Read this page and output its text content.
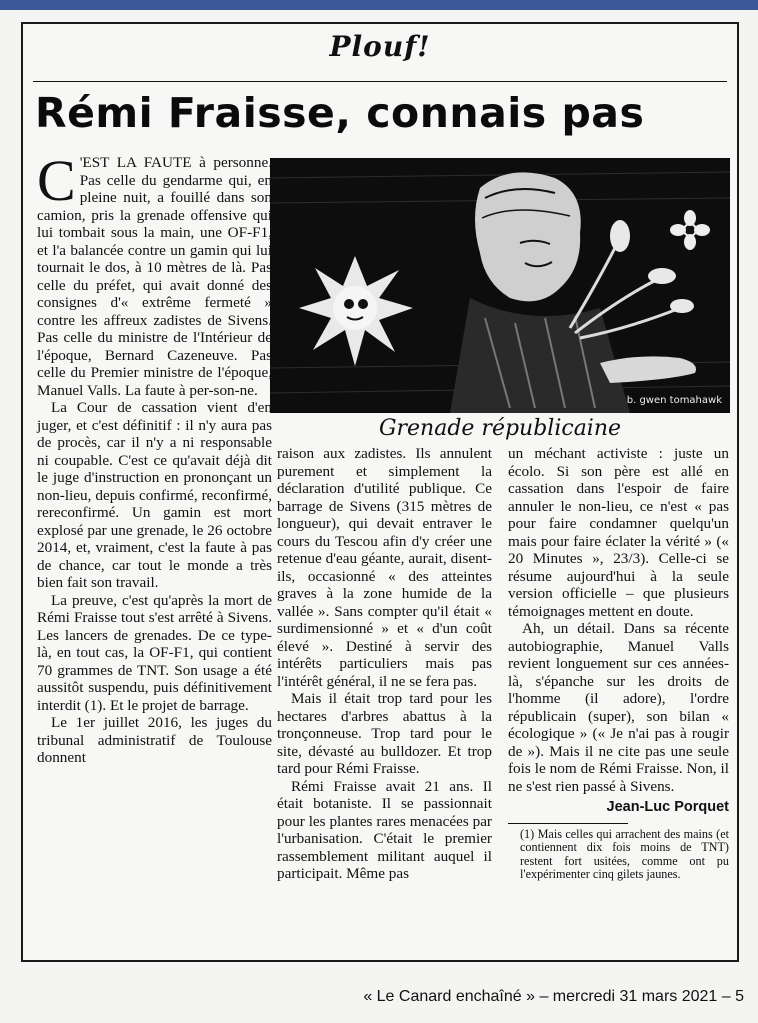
Plouf!
Rémi Fraisse, connais pas
b. gwen tomahawk
Grenade républicaine

C 'EST LA FAUTE à personne. Pas celle du gendarme qui, en pleine nuit, a fouillé dans son camion, pris la grenade offensive qui lui tombait sous la main, une OF-F1, et l'a balancée contre un gamin qui lui tournait le dos, à 10 mètres de là. Pas celle du préfet, qui avait donné des consignes d'« extrême fermeté » contre les affreux zadistes de Sivens. Pas celle du ministre de l'Intérieur de l'époque, Bernard Cazeneuve. Pas celle du Premier ministre de l'époque, Manuel Valls. La faute à per-son-ne.

La Cour de cassation vient d'en juger, et c'est définitif : il n'y aura pas de procès, car il n'y a ni responsable ni coupable. C'est ce qu'avait déjà dit le juge d'instruction en prononçant un non-lieu, depuis confirmé, reconfirmé, rereconfirmé. Un gamin est mort explosé par une grenade, le 26 octobre 2014, et, vraiment, c'est la faute à pas de chance, car tout le monde a très bien fait son travail.

La preuve, c'est qu'après la mort de Rémi Fraisse tout s'est arrêté à Sivens. Les lancers de grenades. De ce type-là, en tout cas, la OF-F1, qui contient 70 grammes de TNT. Son usage a été aussitôt suspendu, puis définitivement interdit (1). Et le projet de barrage.

Le 1er juillet 2016, les juges du tribunal administratif de Toulouse donnent

raison aux zadistes. Ils annulent purement et simplement la déclaration d'utilité publique. Ce barrage de Sivens (315 mètres de longueur), qui devait entraver le cours du Tescou afin d'y créer une retenue d'eau géante, aurait, disent-ils, occasionné « des atteintes graves à la zone humide de la vallée ». Sans compter qu'il était « surdimensionné » et « d'un coût élevé ». Destiné à servir des intérêts particuliers mais pas l'intérêt général, il ne se fera pas.

Mais il était trop tard pour les hectares d'arbres abattus à la tronçonneuse. Trop tard pour le site, dévasté au bulldozer. Et trop tard pour Rémi Fraisse.

Rémi Fraisse avait 21 ans. Il était botaniste. Il se passionnait pour les plantes rares menacées par l'urbanisation. C'était le premier rassemblement militant auquel il participait. Même pas

un méchant activiste : juste un écolo. Si son père est allé en cassation dans l'espoir de faire annuler le non-lieu, ce n'est « pas pour faire condamner quelqu'un mais pour faire éclater la vérité » (« 20 Minutes », 23/3). Celle-ci se résume aujourd'hui à la seule version officielle – que plusieurs témoignages mettent en doute.

Ah, un détail. Dans sa récente autobiographie, Manuel Valls revient longuement sur ces années-là, s'épanche sur les droits de l'homme (il adore), l'ordre républicain (super), son bilan « écologique » (« Je n'ai pas à rougir de »). Mais il ne cite pas une seule fois le nom de Rémi Fraisse. Non, il ne s'est rien passé à Sivens.

Jean-Luc Porquet
(1) Mais celles qui arrachent des mains (et contiennent dix fois moins de TNT) restent fort usitées, comme ont pu l'expérimenter cinq gilets jaunes.
« Le Canard enchaîné » – mercredi 31 mars 2021 – 5
